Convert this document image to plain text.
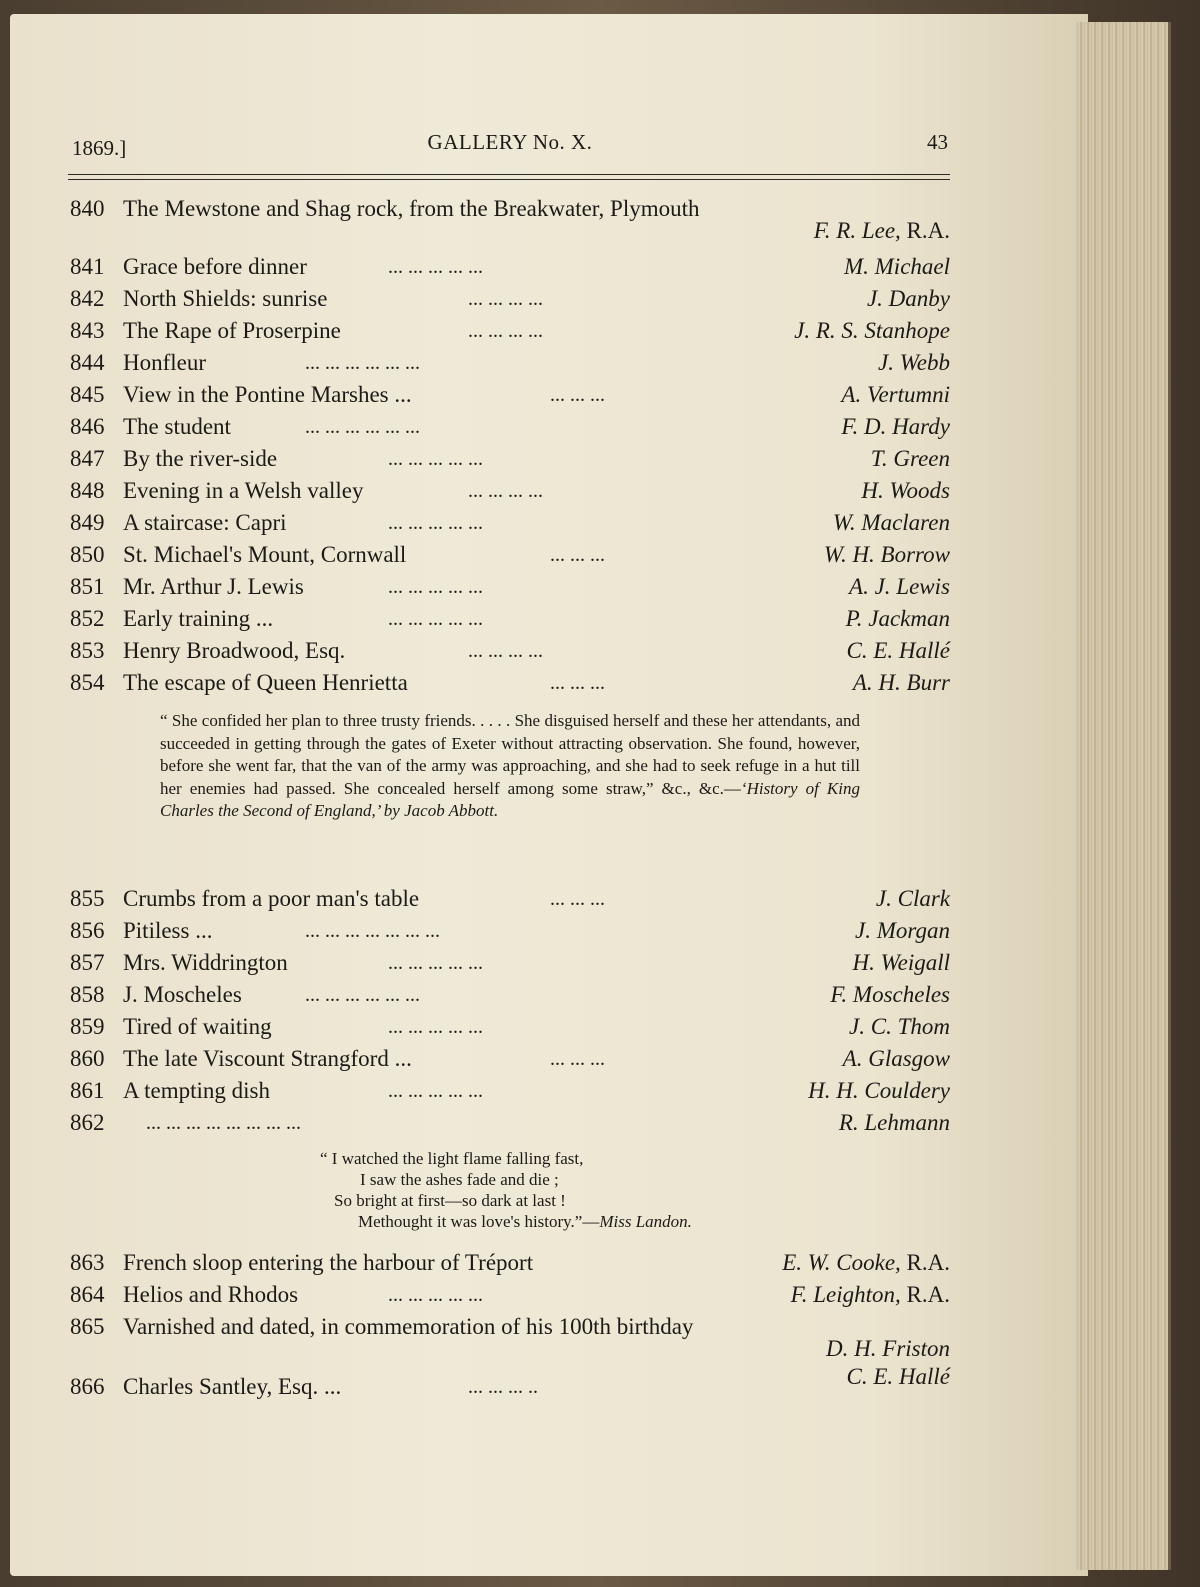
1869.]	GALLERY No. X.	43
840 The Mewstone and Shag rock, from the Breakwater, Plymouth
F. R. Lee, R.A.
841 Grace before dinner	... ... ... ... ...	M. Michael
842 North Shields: sunrise	... ... ... ...	J. Danby
843 The Rape of Proserpine	... ... ... ...	J. R. S. Stanhope
844 Honfleur	... ... ... ... ... ...	J. Webb
845 View in the Pontine Marshes ...	... ... ...	A. Vertumni
846 The student	... ... ... ... ... ...	F. D. Hardy
847 By the river-side	... ... ... ... ...	T. Green
848 Evening in a Welsh valley	... ... ... ...	H. Woods
849 A staircase: Capri	... ... ... ... ...	W. Maclaren
850 St. Michael's Mount, Cornwall	... ... ...	W. H. Borrow
851 Mr. Arthur J. Lewis	... ... ... ... ...	A. J. Lewis
852 Early training ...	... ... ... ... ...	P. Jackman
853 Henry Broadwood, Esq.	... ... ... ...	C. E. Hallé
854 The escape of Queen Henrietta	... ... ...	A. H. Burr
“ She confided her plan to three trusty friends. . . . . She disguised herself and these her attendants, and succeeded in getting through the gates of Exeter without attracting observation. She found, however, before she went far, that the van of the army was approaching, and she had to seek refuge in a hut till her enemies had passed. She concealed herself among some straw,” &c., &c.—‘History of King Charles the Second of England,’ by Jacob Abbott.
855 Crumbs from a poor man's table	... ... ...	J. Clark
856 Pitiless ...	... ... ... ... ... ... ...	J. Morgan
857 Mrs. Widdrington	... ... ... ... ...	H. Weigall
858 J. Moscheles	... ... ... ... ... ...	F. Moscheles
859 Tired of waiting	... ... ... ... ...	J. C. Thom
860 The late Viscount Strangford ...	... ... ...	A. Glasgow
861 A tempting dish	... ... ... ... ...	H. H. Couldery
862	... ... ... ... ... ... ... ...	R. Lehmann
“ I watched the light flame falling fast,
I saw the ashes fade and die ;
So bright at first—so dark at last !
Methought it was love's history.”—Miss Landon.
863 French sloop entering the harbour of Tréport	E. W. Cooke, R.A.
864 Helios and Rhodos	... ... ... ... ...	F. Leighton, R.A.
865 Varnished and dated, in commemoration of his 100th birthday
D. H. Friston
866 Charles Santley, Esq. ...	... ... ... ..	C. E. Hallé
